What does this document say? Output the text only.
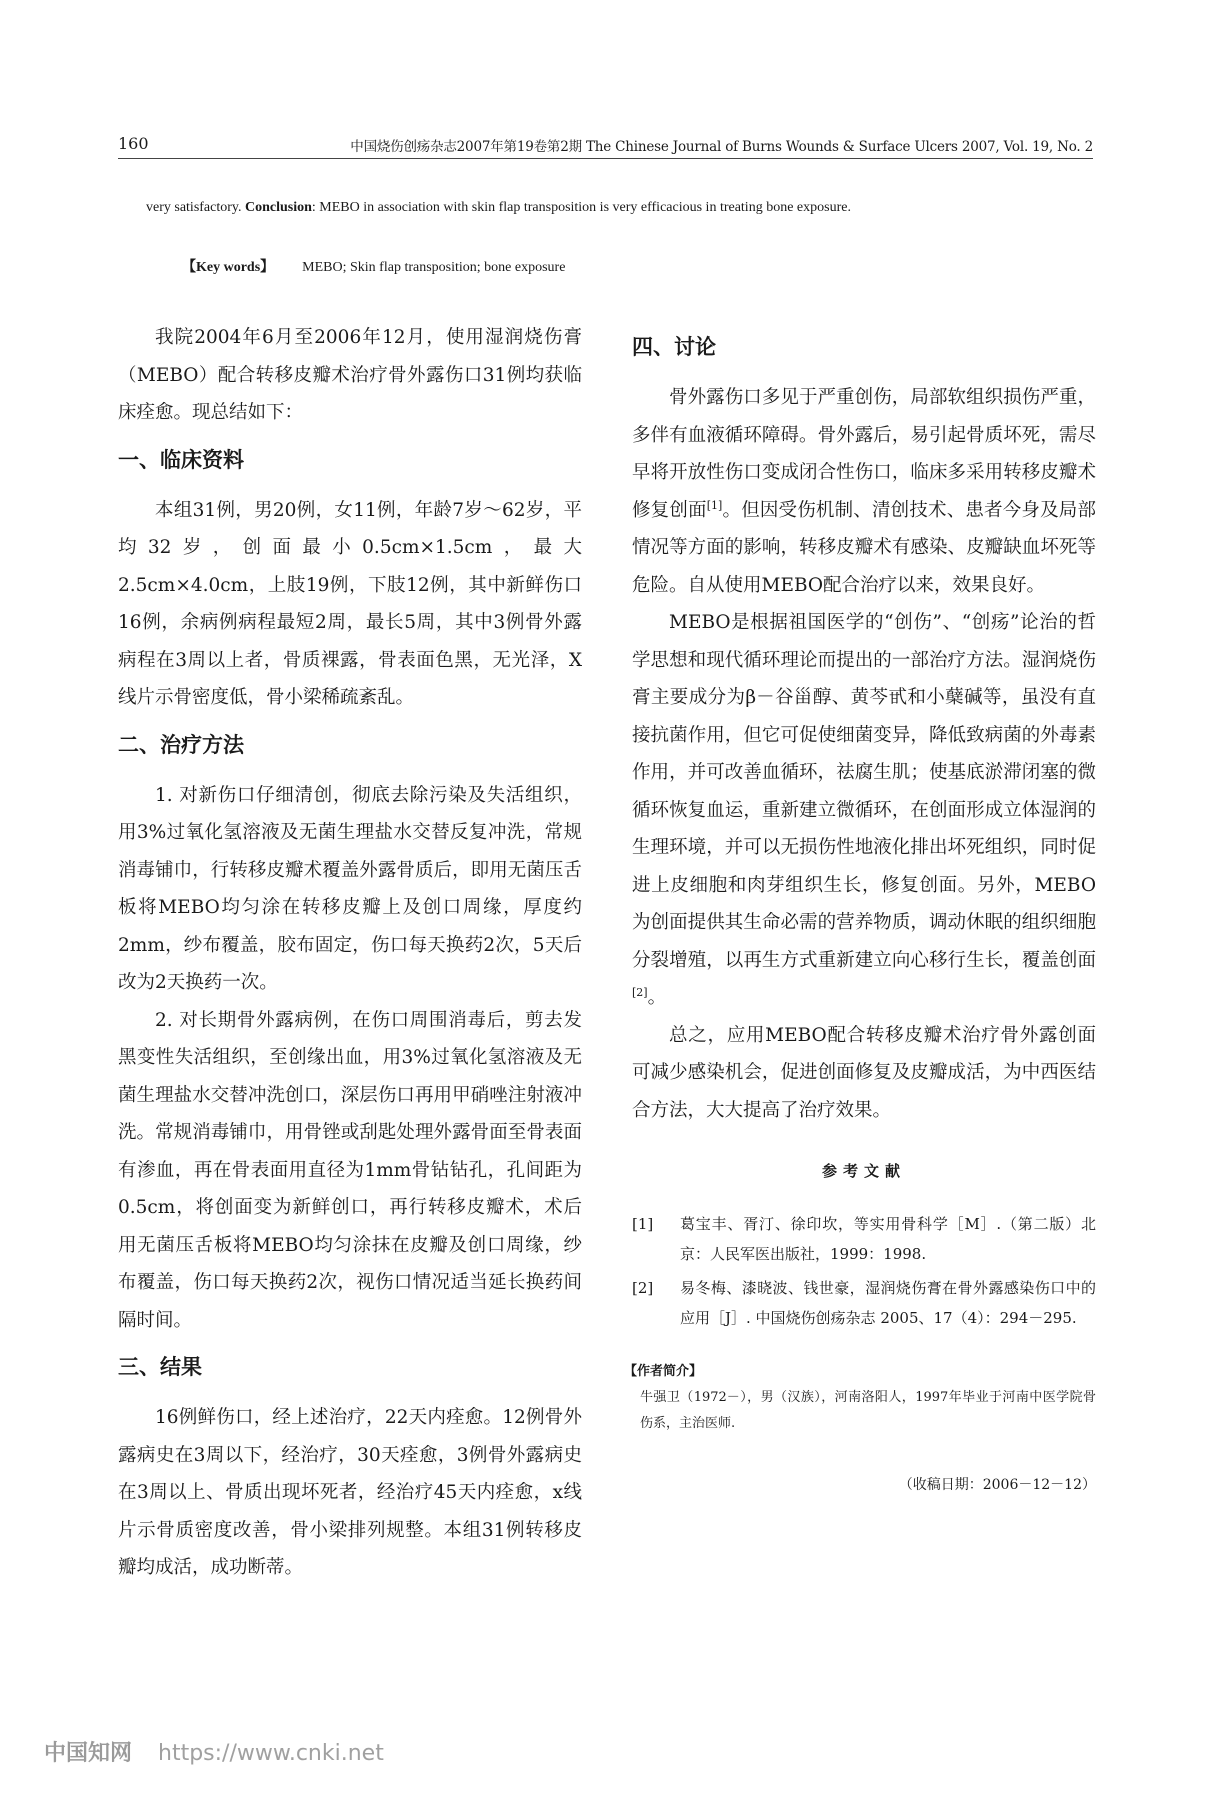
160	中国烧伤创疡杂志2007年第19卷第2期 The Chinese Journal of Burns Wounds & Surface Ulcers 2007, Vol. 19, No. 2
very satisfactory. Conclusion: MEBO in association with skin flap transposition is very efficacious in treating bone exposure.
【Key words】 MEBO; Skin flap transposition; bone exposure

我院2004年6月至2006年12月，使用湿润烧伤膏（MEBO）配合转移皮瓣术治疗骨外露伤口31例均获临床痊愈。现总结如下：

一、临床资料

本组31例，男20例，女11例，年龄7岁～62岁，平均32岁，创面最小0.5cm×1.5cm，最大2.5cm×4.0cm，上肢19例，下肢12例，其中新鲜伤口16例，余病例病程最短2周，最长5周，其中3例骨外露病程在3周以上者，骨质裸露，骨表面色黑，无光泽，X线片示骨密度低，骨小梁稀疏紊乱。

二、治疗方法

1. 对新伤口仔细清创，彻底去除污染及失活组织，用3%过氧化氢溶液及无菌生理盐水交替反复冲洗，常规消毒铺巾，行转移皮瓣术覆盖外露骨质后，即用无菌压舌板将MEBO均匀涂在转移皮瓣上及创口周缘，厚度约2mm，纱布覆盖，胶布固定，伤口每天换药2次，5天后改为2天换药一次。

2. 对长期骨外露病例，在伤口周围消毒后，剪去发黑变性失活组织，至创缘出血，用3%过氧化氢溶液及无菌生理盐水交替冲洗创口，深层伤口再用甲硝唑注射液冲洗。常规消毒铺巾，用骨锉或刮匙处理外露骨面至骨表面有渗血，再在骨表面用直径为1mm骨钻钻孔，孔间距为0.5cm，将创面变为新鲜创口，再行转移皮瓣术，术后用无菌压舌板将MEBO均匀涂抹在皮瓣及创口周缘，纱布覆盖，伤口每天换药2次，视伤口情况适当延长换药间隔时间。

三、结果

16例鲜伤口，经上述治疗，22天内痊愈。12例骨外露病史在3周以下，经治疗，30天痊愈，3例骨外露病史在3周以上、骨质出现坏死者，经治疗45天内痊愈，x线片示骨质密度改善，骨小梁排列规整。本组31例转移皮瓣均成活，成功断蒂。

四、讨论

骨外露伤口多见于严重创伤，局部软组织损伤严重，多伴有血液循环障碍。骨外露后，易引起骨质坏死，需尽早将开放性伤口变成闭合性伤口，临床多采用转移皮瓣术修复创面[1]。但因受伤机制、清创技术、患者今身及局部情况等方面的影响，转移皮瓣术有感染、皮瓣缺血坏死等危险。自从使用MEBO配合治疗以来，效果良好。

MEBO是根据祖国医学的“创伤”、“创疡”论治的哲学思想和现代循环理论而提出的一部治疗方法。湿润烧伤膏主要成分为β－谷甾醇、黄芩甙和小蘖碱等，虽没有直接抗菌作用，但它可促使细菌变异，降低致病菌的外毒素作用，并可改善血循环，祛腐生肌；使基底淤滞闭塞的微循环恢复血运，重新建立微循环，在创面形成立体湿润的生理环境，并可以无损伤性地液化排出坏死组织，同时促进上皮细胞和肉芽组织生长，修复创面。另外，MEBO为创面提供其生命必需的营养物质，调动休眠的组织细胞分裂增殖，以再生方式重新建立向心移行生长，覆盖创面[2]。

总之，应用MEBO配合转移皮瓣术治疗骨外露创面可减少感染机会，促进创面修复及皮瓣成活，为中西医结合方法，大大提高了治疗效果。

参考文献
[1] 葛宝丰、胥汀、徐印坎，等实用骨科学［M］.（第二版）北京：人民军医出版社，1999：1998.
[2] 易冬梅、漆晓波、钱世豪，湿润烧伤膏在骨外露感染伤口中的应用［J］. 中国烧伤创疡杂志 2005、17（4）：294－295.
【作者简介】
牛强卫（1972－），男（汉族），河南洛阳人，1997年毕业于河南中医学院骨伤系，主治医师.
（收稿日期：2006－12－12）
中国知网 https://www.cnki.net
